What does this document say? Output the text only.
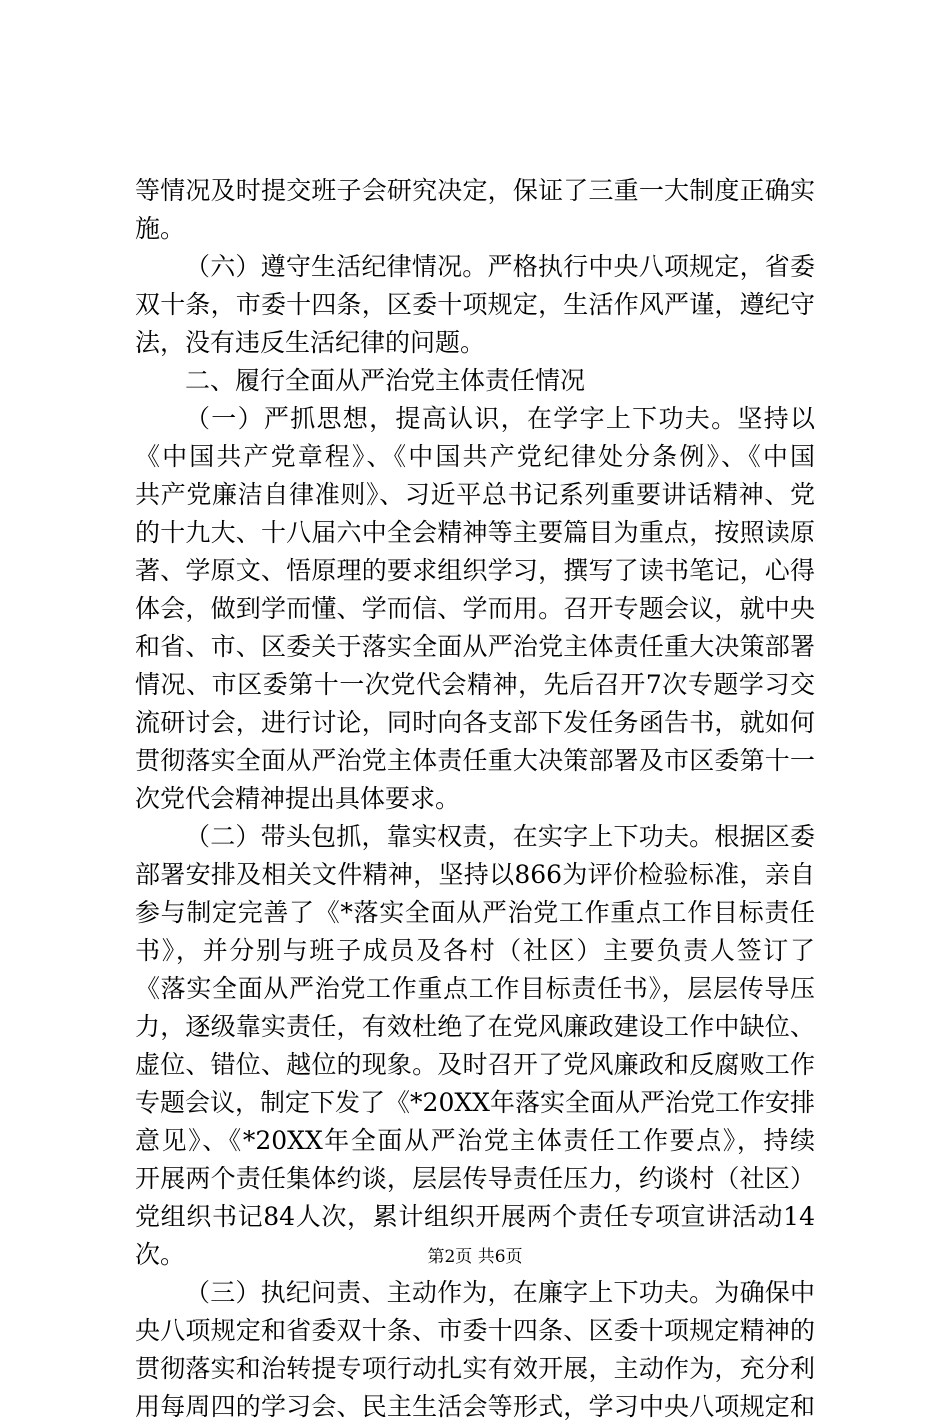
等情况及时提交班子会研究决定，保证了三重一大制度正确实
施。
（六）遵守生活纪律情况。严格执行中央八项规定，省委
双十条，市委十四条，区委十项规定，生活作风严谨，遵纪守
法，没有违反生活纪律的问题。
二、履行全面从严治党主体责任情况
（一）严抓思想，提高认识，在学字上下功夫。坚持以
《中国共产党章程》、《中国共产党纪律处分条例》、《中国
共产党廉洁自律准则》、习近平总书记系列重要讲话精神、党
的十九大、十八届六中全会精神等主要篇目为重点，按照读原
著、学原文、悟原理的要求组织学习，撰写了读书笔记，心得
体会，做到学而懂、学而信、学而用。召开专题会议，就中央
和省、市、区委关于落实全面从严治党主体责任重大决策部署
情况、市区委第十一次党代会精神，先后召开7次专题学习交
流研讨会，进行讨论，同时向各支部下发任务函告书，就如何
贯彻落实全面从严治党主体责任重大决策部署及市区委第十一
次党代会精神提出具体要求。
（二）带头包抓，靠实权责，在实字上下功夫。根据区委
部署安排及相关文件精神，坚持以866为评价检验标准，亲自
参与制定完善了《*落实全面从严治党工作重点工作目标责任
书》，并分别与班子成员及各村（社区）主要负责人签订了
《落实全面从严治党工作重点工作目标责任书》，层层传导压
力，逐级靠实责任，有效杜绝了在党风廉政建设工作中缺位、
虚位、错位、越位的现象。及时召开了党风廉政和反腐败工作
专题会议，制定下发了《*20XX年落实全面从严治党工作安排
意见》、《*20XX年全面从严治党主体责任工作要点》，持续
开展两个责任集体约谈，层层传导责任压力，约谈村（社区）
党组织书记84人次，累计组织开展两个责任专项宣讲活动14
次。
（三）执纪问责、主动作为，在廉字上下功夫。为确保中
央八项规定和省委双十条、市委十四条、区委十项规定精神的
贯彻落实和治转提专项行动扎实有效开展，主动作为，充分利
用每周四的学习会、民主生活会等形式，学习中央八项规定和
第2页 共6页
